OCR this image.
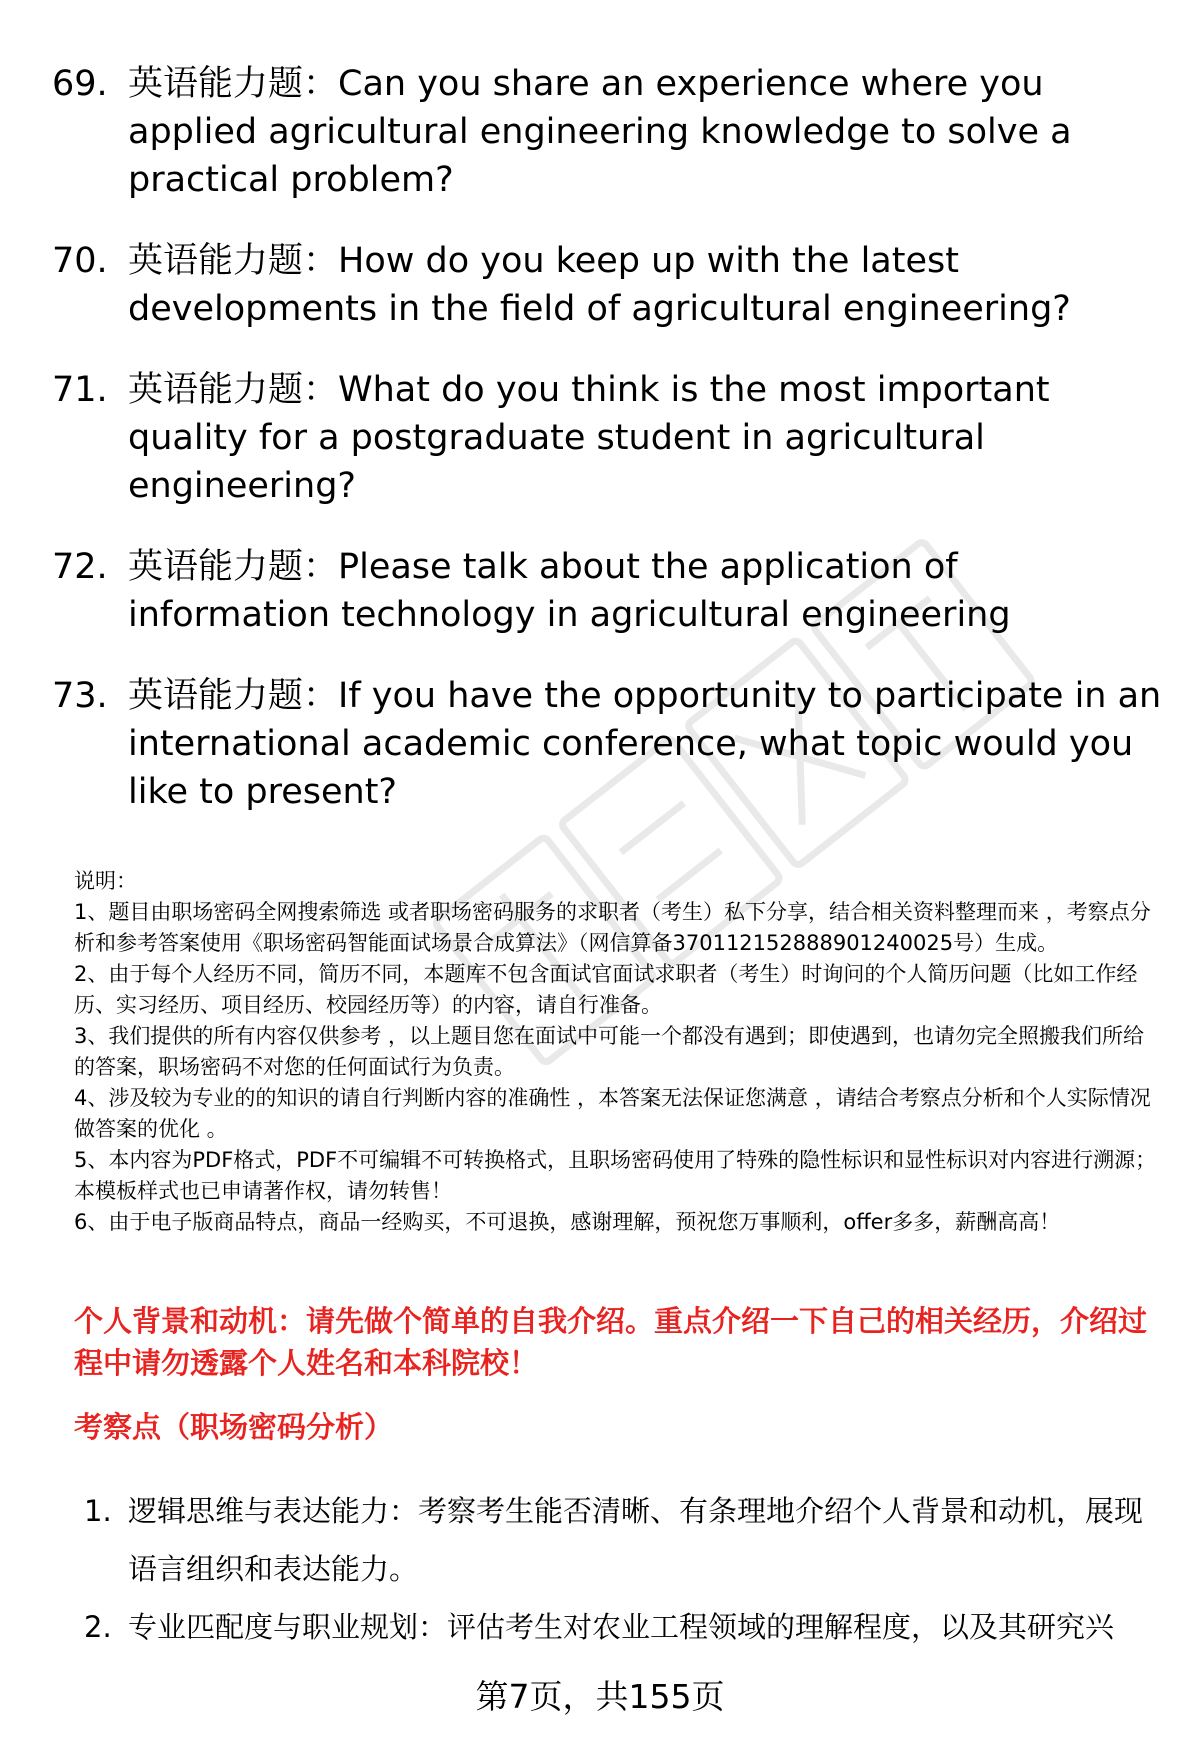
69. 英语能力题：Can you share an experience where you applied agricultural engineering knowledge to solve a practical problem?
70. 英语能力题：How do you keep up with the latest developments in the field of agricultural engineering?
71. 英语能力题：What do you think is the most important quality for a postgraduate student in agricultural engineering?
72. 英语能力题：Please talk about the application of information technology in agricultural engineering
73. 英语能力题：If you have the opportunity to participate in an international academic conference, what topic would you like to present?

说明：

1、题目由职场密码全网搜索筛选 或者职场密码服务的求职者（考生）私下分享，结合相关资料整理而来 ，考察点分析和参考答案使用《职场密码智能面试场景合成算法》（网信算备370112152888901240025号）生成。

2、由于每个人经历不同，简历不同，本题库不包含面试官面试求职者（考生）时询问的个人简历问题（比如工作经历、实习经历、项目经历、校园经历等）的内容，请自行准备。

3、我们提供的所有内容仅供参考 ，以上题目您在面试中可能一个都没有遇到；即使遇到，也请勿完全照搬我们所给的答案，职场密码不对您的任何面试行为负责。

4、涉及较为专业的的知识的请自行判断内容的准确性 ，本答案无法保证您满意 ，请结合考察点分析和个人实际情况做答案的优化 。

5、本内容为PDF格式，PDF不可编辑不可转换格式，且职场密码使用了特殊的隐性标识和显性标识对内容进行溯源；本模板样式也已申请著作权，请勿转售！

6、由于电子版商品特点，商品一经购买，不可退换，感谢理解，预祝您万事顺利，offer多多，薪酬高高！

个人背景和动机：请先做个简单的自我介绍。重点介绍一下自己的相关经历，介绍过程中请勿透露个人姓名和本科院校！
考察点（职场密码分析）
1. 逻辑思维与表达能力：考察考生能否清晰、有条理地介绍个人背景和动机，展现语言组织和表达能力。
2. 专业匹配度与职业规划：评估考生对农业工程领域的理解程度，以及其研究兴
第7页，共155页
